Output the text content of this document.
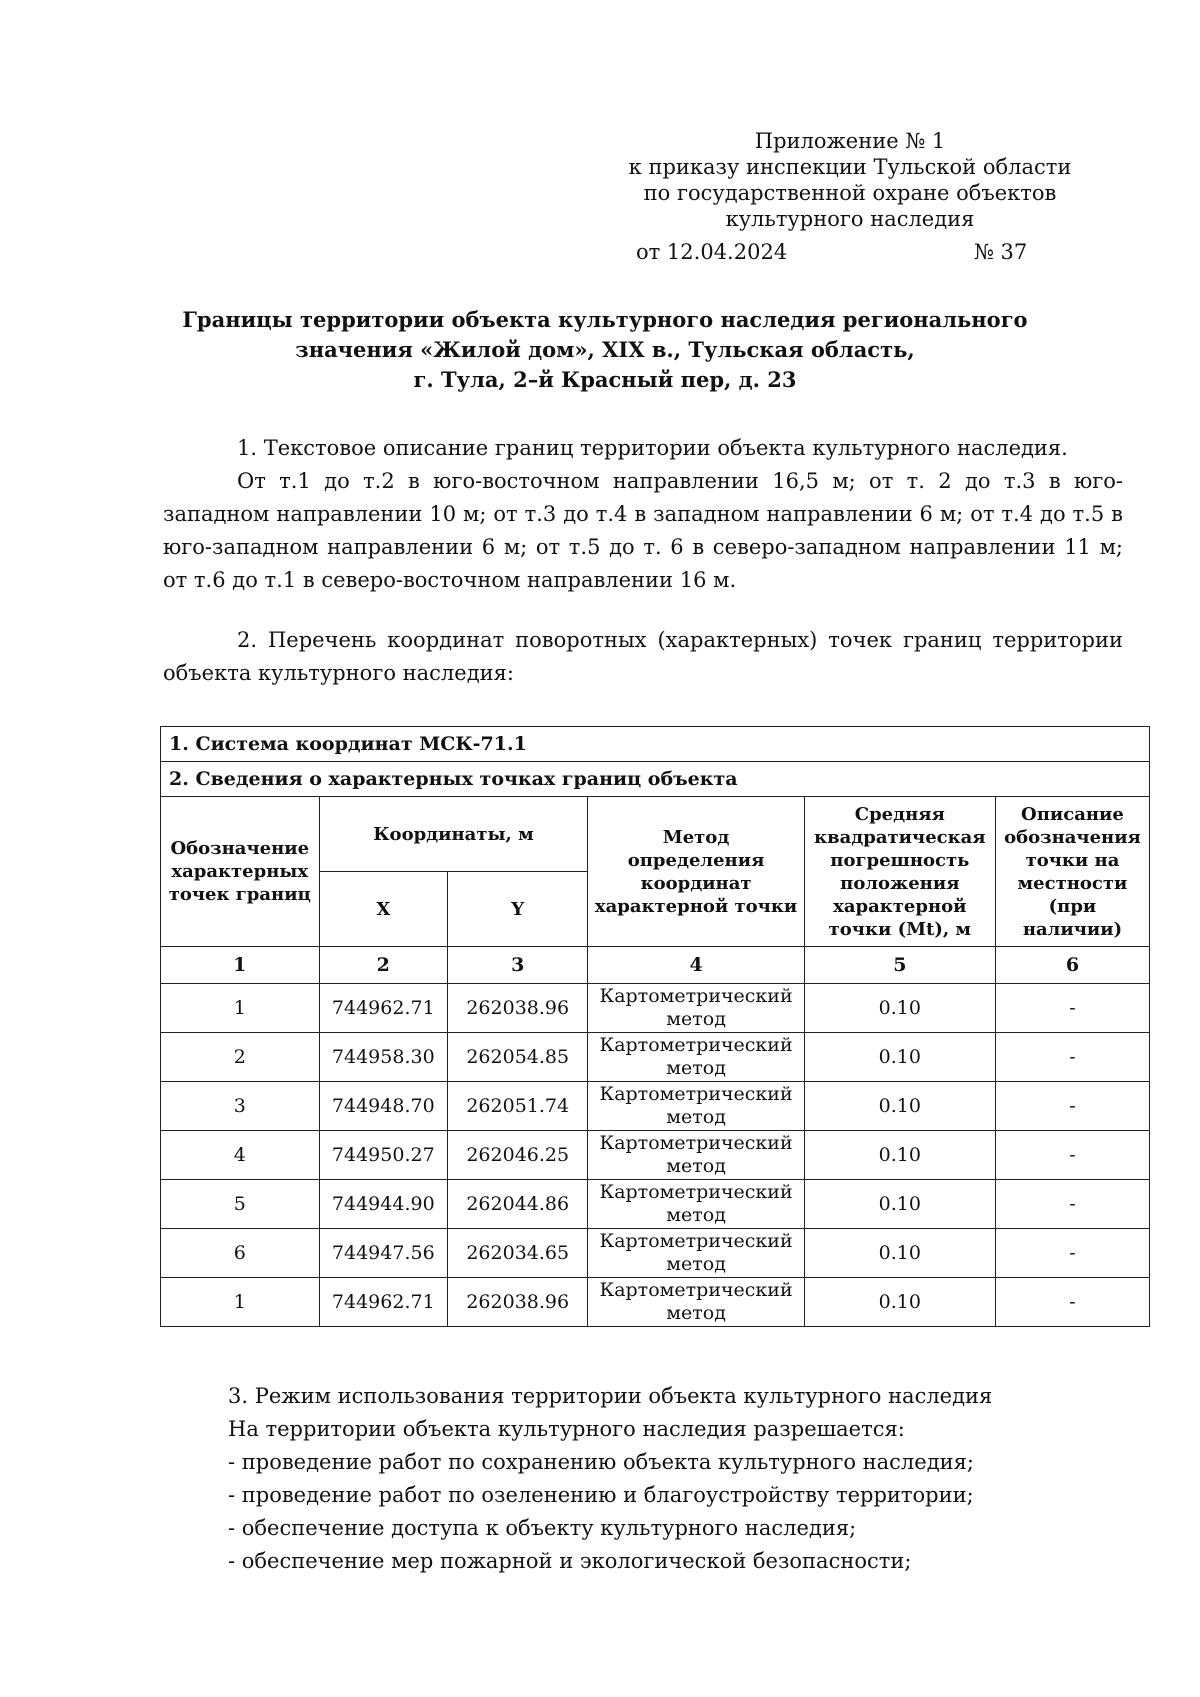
Приложение № 1
к приказу инспекции Тульской области
по государственной охране объектов
культурного наследия
от 12.04.2024	№ 37
Границы территории объекта культурного наследия регионального
значения «Жилой дом», XIX в., Тульская область,
г. Тула, 2–й Красный пер, д. 23

1. Текстовое описание границ территории объекта культурного наследия.

От т.1 до т.2 в юго-восточном направлении 16,5 м; от т. 2 до т.3 в юго-западном направлении 10 м; от т.3 до т.4 в западном направлении 6 м; от т.4 до т.5 в юго-западном направлении 6 м; от т.5 до т. 6 в северо-западном направлении 11 м; от т.6 до т.1 в северо-восточном направлении 16 м.

2. Перечень координат поворотных (характерных) точек границ территории объекта культурного наследия:

1. Система координат МСК-71.1					
2. Сведения о характерных точках границ объекта					
Обозначение характерных точек границ	Координаты, м		Метод определения координат характерной точки	Средняя квадратическая погрешность положения характерной точки (Mt), м	Описание обозначения точки на местности (при наличии)
	X	Y			
1	2	3	4	5	6
1	744962.71	262038.96	Картометрический метод	0.10	-
2	744958.30	262054.85	Картометрический метод	0.10	-
3	744948.70	262051.74	Картометрический метод	0.10	-
4	744950.27	262046.25	Картометрический метод	0.10	-
5	744944.90	262044.86	Картометрический метод	0.10	-
6	744947.56	262034.65	Картометрический метод	0.10	-
1	744962.71	262038.96	Картометрический метод	0.10	-

3. Режим использования территории объекта культурного наследия

На территории объекта культурного наследия разрешается:

- проведение работ по сохранению объекта культурного наследия;

- проведение работ по озеленению и благоустройству территории;

- обеспечение доступа к объекту культурного наследия;

- обеспечение мер пожарной и экологической безопасности;
